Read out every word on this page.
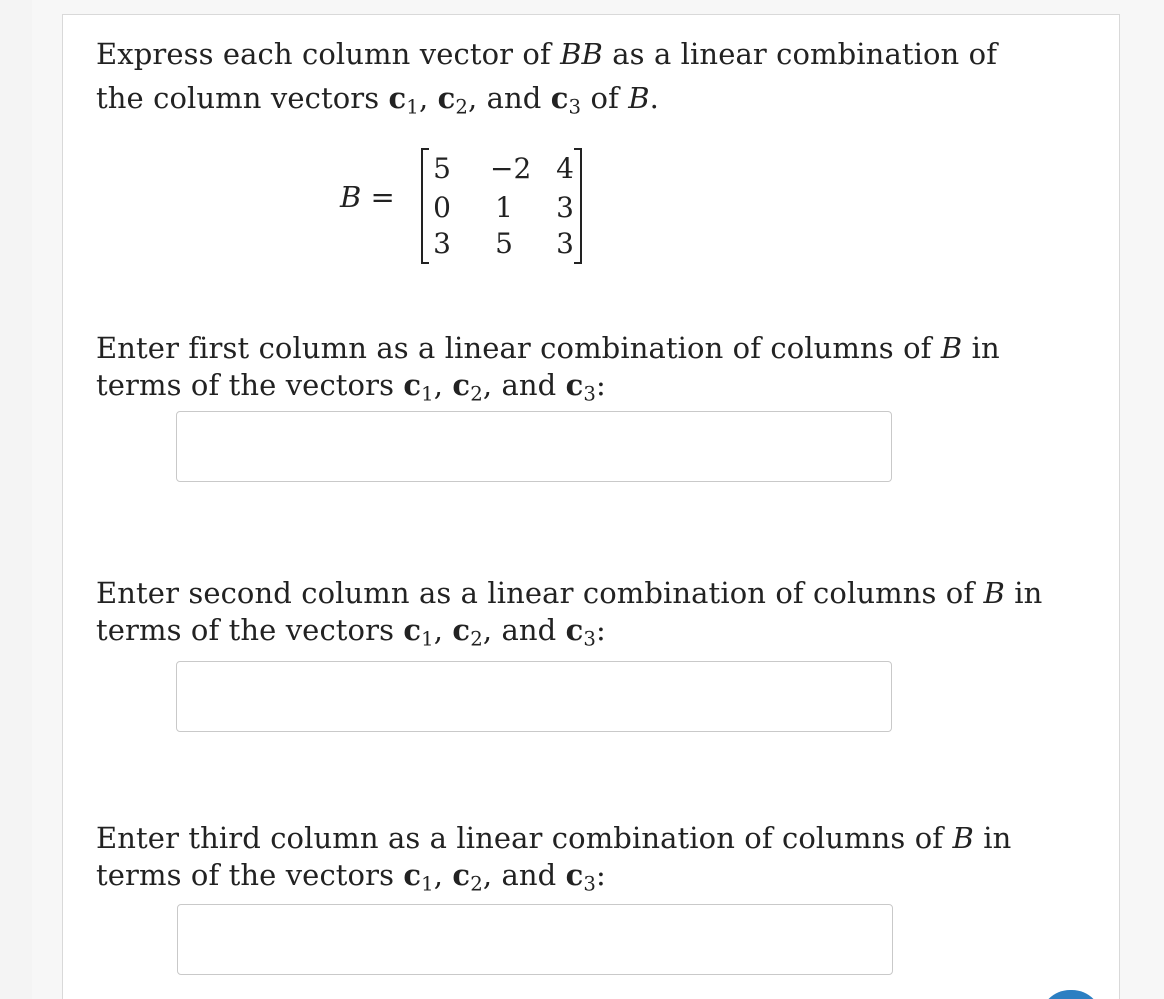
Express each column vector of BB as a linear combination of
the column vectors $c_1$, $c_2$, and $c_3$ of B.
B =
5	−2 4
0	1	3
3	5	3
Enter first column as a linear combination of columns of B in
terms of the vectors $c_1$, $c_2$, and $c_3$:
Enter second column as a linear combination of columns of B in
terms of the vectors $c_1$, $c_2$, and $c_3$:
Enter third column as a linear combination of columns of B in
terms of the vectors $c_1$, $c_2$, and $c_3$:
